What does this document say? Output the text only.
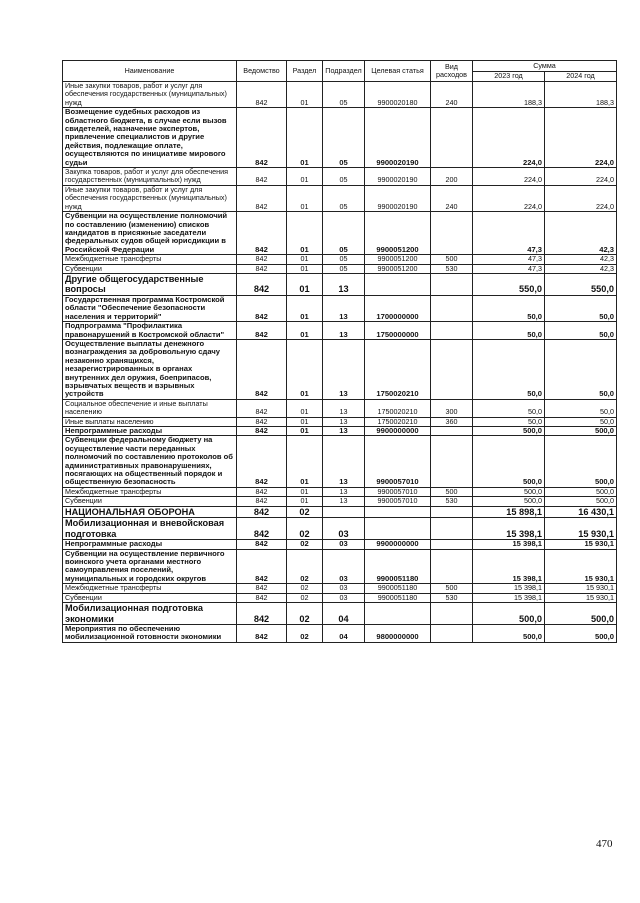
Наименование	Ведомство	Раздел	Подраздел	Целевая статья	Вид расходов	Сумма	
						2023 год	2024 год
Иные закупки товаров, работ и услуг для обеспечения государственных (муниципальных) нужд	842	01	05	9900020180	240	188,3	188,3
Возмещение судебных расходов из областного бюджета, в случае если вызов свидетелей, назначение экспертов, привлечение специалистов и другие действия, подлежащие оплате, осуществляются по инициативе мирового судьи	842	01	05	9900020190		224,0	224,0
Закупка товаров, работ и услуг для обеспечения государственных (муниципальных) нужд	842	01	05	9900020190	200	224,0	224,0
Иные закупки товаров, работ и услуг для обеспечения государственных (муниципальных) нужд	842	01	05	9900020190	240	224,0	224,0
Субвенции на осуществление полномочий по составлению (изменению) списков кандидатов в присяжные заседатели федеральных судов общей юрисдикции в Российской Федерации	842	01	05	9900051200		47,3	42,3
Межбюджетные трансферты	842	01	05	9900051200	500	47,3	42,3
Субвенции	842	01	05	9900051200	530	47,3	42,3
Другие общегосударственные вопросы	842	01	13			550,0	550,0
Государственная программа Костромской области "Обеспечение безопасности населения и территорий"	842	01	13	1700000000		50,0	50,0
Подпрограмма "Профилактика правонарушений в Костромской области"	842	01	13	1750000000		50,0	50,0
Осуществление выплаты денежного вознаграждения за добровольную сдачу незаконно хранящихся, незарегистрированных в органах внутренних дел оружия, боеприпасов, взрывчатых веществ и взрывных устройств	842	01	13	1750020210		50,0	50,0
Социальное обеспечение и иные выплаты населению	842	01	13	1750020210	300	50,0	50,0
Иные выплаты населению	842	01	13	1750020210	360	50,0	50,0
Непрограммные расходы	842	01	13	9900000000		500,0	500,0
Субвенции федеральному бюджету на осуществление части переданных полномочий по составлению протоколов об административных правонарушениях, посягающих на общественный порядок и общественную безопасность	842	01	13	9900057010		500,0	500,0
Межбюджетные трансферты	842	01	13	9900057010	500	500,0	500,0
Субвенции	842	01	13	9900057010	530	500,0	500,0
НАЦИОНАЛЬНАЯ ОБОРОНА	842	02				15 898,1	16 430,1
Мобилизационная и вневойсковая подготовка	842	02	03			15 398,1	15 930,1
Непрограммные расходы	842	02	03	9900000000		15 398,1	15 930,1
Субвенции на осуществление первичного воинского учета органами местного самоуправления поселений, муниципальных и городских округов	842	02	03	9900051180		15 398,1	15 930,1
Межбюджетные трансферты	842	02	03	9900051180	500	15 398,1	15 930,1
Субвенции	842	02	03	9900051180	530	15 398,1	15 930,1
Мобилизационная подготовка экономики	842	02	04			500,0	500,0
Мероприятия по обеспечению мобилизационной готовности экономики	842	02	04	9800000000		500,0	500,0
470
